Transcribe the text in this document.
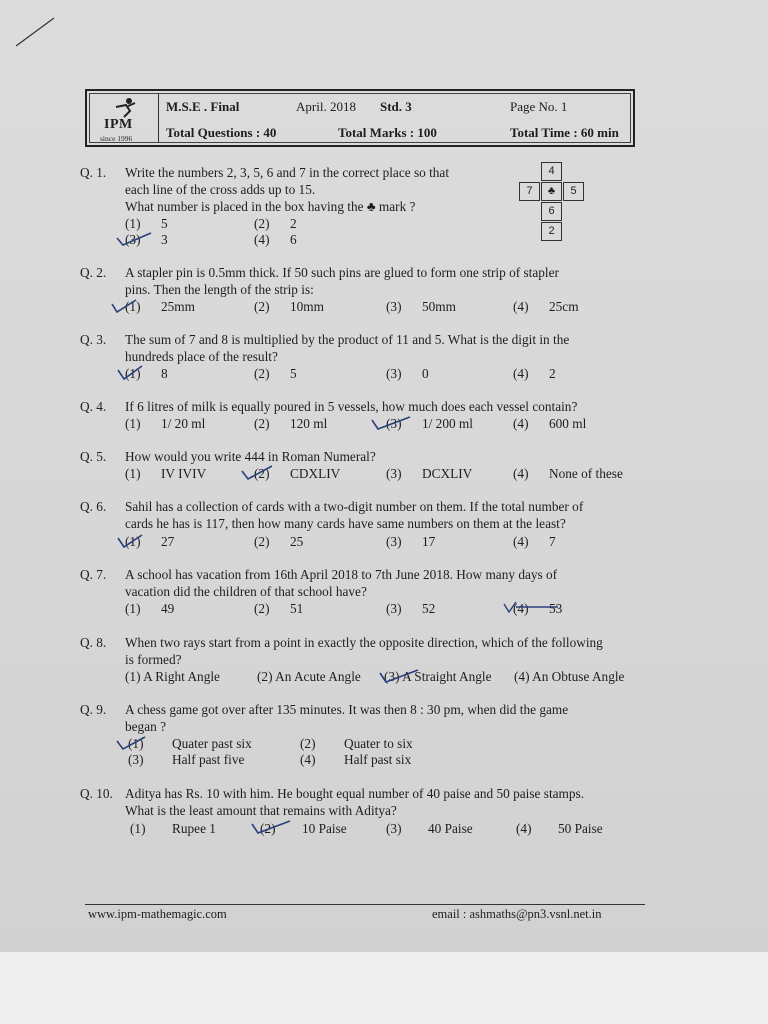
IPM
since 1996
M.S.E . Final	April. 2018 Std. 3	Page No. 1
Total Questions : 40	Total Marks : 100	Total Time : 60 min
4
7	♣	5
6
2
Q. 1. Write the numbers 2, 3, 5, 6 and 7 in the correct place so that
each line of the cross adds up to 15.
What number is placed in the box having the ♣ mark ?
(1) 5	(2) 2
(3) 3	(4) 6
Q. 2. A stapler pin is 0.5mm thick. If 50 such pins are glued to form one strip of stapler
pins. Then the length of the strip is:
(1) 25mm	(2) 10mm	(3) 50mm	(4) 25cm
Q. 3. The sum of 7 and 8 is multiplied by the product of 11 and 5. What is the digit in the
hundreds place of the result?
(1) 8	(2) 5	(3) 0	(4) 2
Q. 4. If 6 litres of milk is equally poured in 5 vessels, how much does each vessel contain?
(1) 1/ 20 ml	(2) 120 ml	(3) 1/ 200 ml	(4) 600 ml
Q. 5. How would you write 444 in Roman Numeral?
(1) IV IVIV	(2) CDXLIV	(3) DCXLIV	(4) None of these
Q. 6. Sahil has a collection of cards with a two-digit number on them. If the total number of
cards he has is 117, then how many cards have same numbers on them at the least?
(1) 27	(2) 25	(3) 17	(4) 7
Q. 7. A school has vacation from 16th April 2018 to 7th June 2018. How many days of
vacation did the children of that school have?
(1) 49	(2) 51	(3) 52	(4) 53
Q. 8. When two rays start from a point in exactly the opposite direction, which of the following
is formed?
(1) A Right Angle	(2) An Acute Angle (3) A Straight Angle (4) An Obtuse Angle
Q. 9. A chess game got over after 135 minutes. It was then 8 : 30 pm, when did the game
began ?
(1) Quater past six	(2) Quater to six
(3) Half past five	(4) Half past six
Q. 10. Aditya has Rs. 10 with him. He bought equal number of 40 paise and 50 paise stamps.
What is the least amount that remains with Aditya?
(1) Rupee 1	(2) 10 Paise	(3) 40 Paise	(4) 50 Paise
www.ipm-mathemagic.com	email : ashmaths@pn3.vsnl.net.in
